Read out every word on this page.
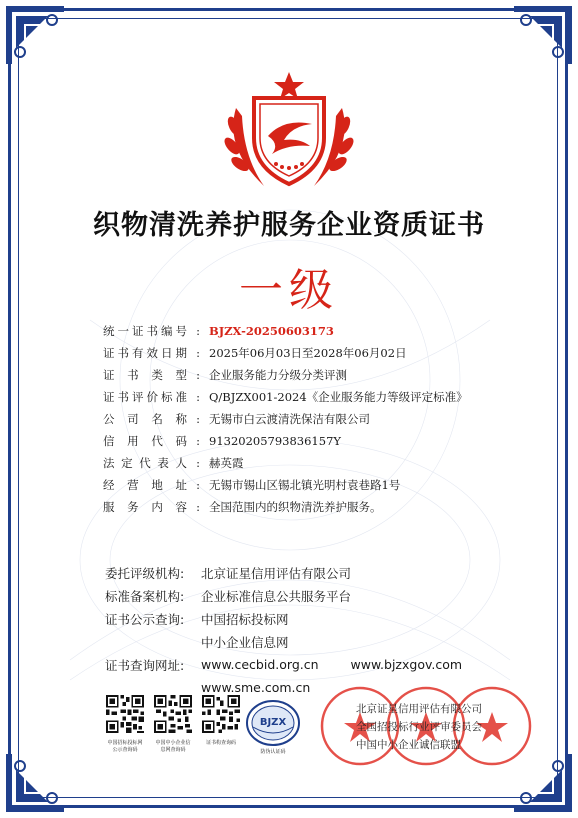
织物清洗养护服务企业资质证书
一级
统一证书编号 : BJZX-20250603173
证书有效日期 : 2025年06月03日至2028年06月02日
证书类型 : 企业服务能力分级分类评测
证书评价标准 : Q/BJZX001-2024《企业服务能力等级评定标准》
公司名称 : 无锡市白云渡清洗保洁有限公司
信用代码 : 91320205793836157Y
法定代表人 : 赫英霞
经营地址 : 无锡市锡山区锡北镇光明村袁巷路1号
服务内容 : 全国范围内的织物清洗养护服务。
委托评级机构:	北京证星信用评估有限公司
标准备案机构:	企业标准信息公共服务平台
证书公示查询:	中国招标投标网
中小企业信息网
证书查询网址:	www.cecbid.org.cn	www.bjzxgov.com
www.sme.com.cn
中国招标投标网
公示查询码
中国中小企业信
息网查询码
证书构查询码

BJZX
防伪认证码
北京证星信用评估有限公司
全国招投标行业评审委员会
中国中小企业诚信联盟
